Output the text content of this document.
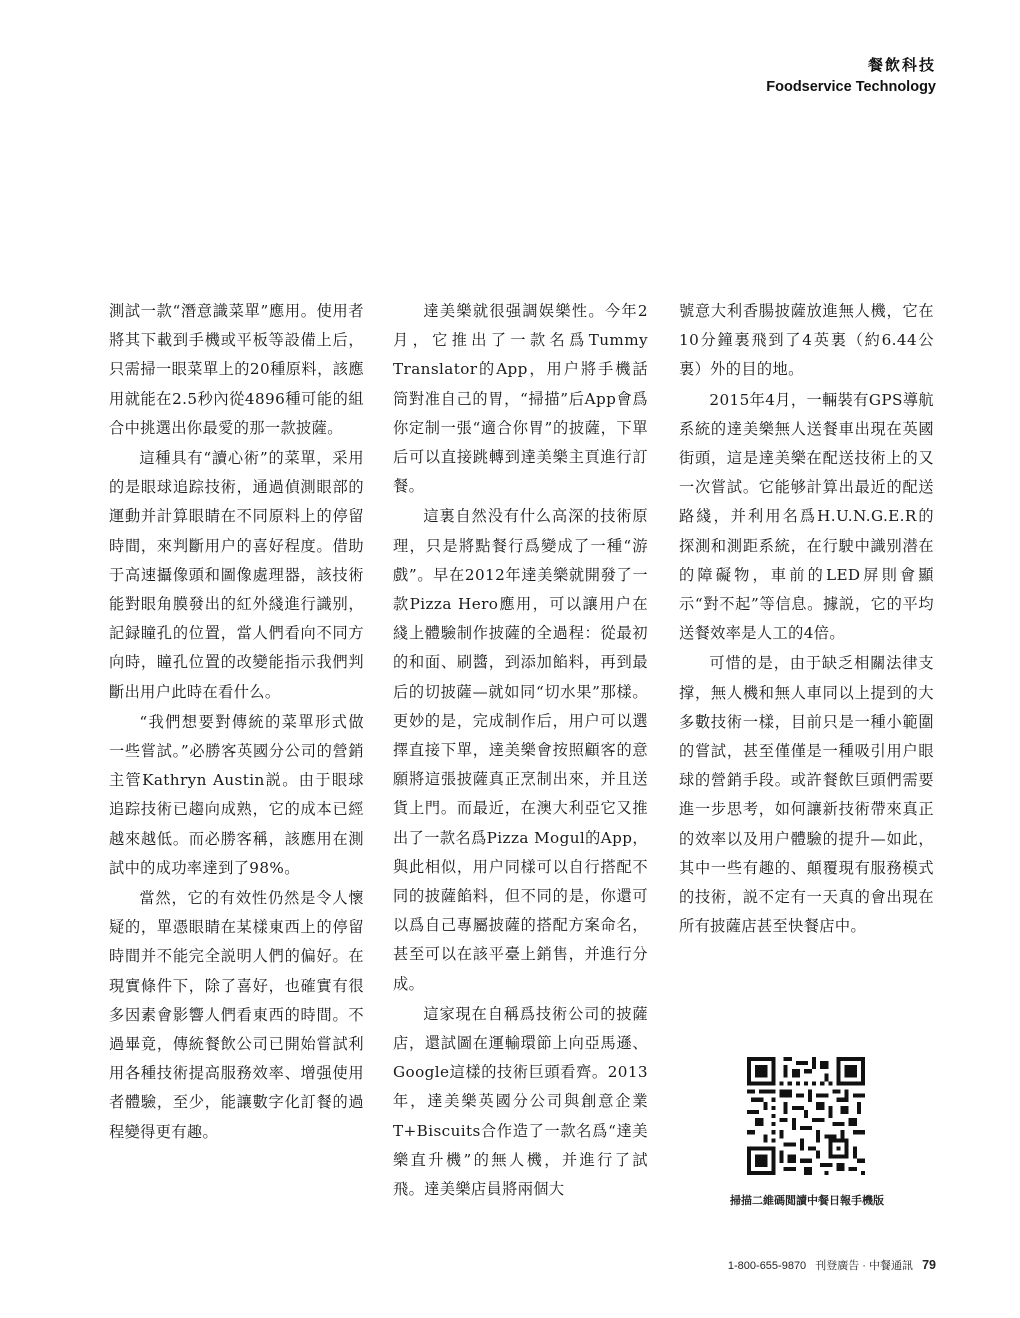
餐飲科技
Foodservice Technology

測試一款“潛意識菜單”應用。使用者將其下載到手機或平板等設備上后，只需掃一眼菜單上的20種原料，該應用就能在2.5秒內從4896種可能的組合中挑選出你最愛的那一款披薩。

這種具有“讀心術”的菜單，采用的是眼球追踪技術，通過偵測眼部的運動并計算眼睛在不同原料上的停留時間，來判斷用户的喜好程度。借助于高速攝像頭和圖像處理器，該技術能對眼角膜發出的紅外綫進行識别，記録瞳孔的位置，當人們看向不同方向時，瞳孔位置的改變能指示我們判斷出用户此時在看什么。

“我們想要對傳統的菜單形式做一些嘗試。”必勝客英國分公司的營銷主管Kathryn Austin説。由于眼球追踪技術已趨向成熟，它的成本已經越來越低。而必勝客稱，該應用在測試中的成功率達到了98%。

當然，它的有效性仍然是令人懷疑的，單憑眼睛在某樣東西上的停留時間并不能完全説明人們的偏好。在現實條件下，除了喜好，也確實有很多因素會影響人們看東西的時間。不過畢竟，傳統餐飲公司已開始嘗試利用各種技術提高服務效率、增强使用者體驗，至少，能讓數字化訂餐的過程變得更有趣。

達美樂就很强調娱樂性。今年2月，它推出了一款名爲Tummy Translator的App，用户將手機話筒對准自己的胃，“掃描”后App會爲你定制一張“適合你胃”的披薩，下單后可以直接跳轉到達美樂主頁進行訂餐。

這裏自然没有什么高深的技術原理，只是將點餐行爲變成了一種“游戲”。早在2012年達美樂就開發了一款Pizza Hero應用，可以讓用户在綫上體驗制作披薩的全過程：從最初的和面、刷醬，到添加餡料，再到最后的切披薩—就如同“切水果”那樣。更妙的是，完成制作后，用户可以選擇直接下單，達美樂會按照顧客的意願將這張披薩真正烹制出來，并且送貨上門。而最近，在澳大利亞它又推出了一款名爲Pizza Mogul的App，與此相似，用户同樣可以自行搭配不同的披薩餡料，但不同的是，你還可以爲自己專屬披薩的搭配方案命名，甚至可以在該平臺上銷售，并進行分成。

這家現在自稱爲技術公司的披薩店，還試圖在運輸環節上向亞馬遜、Google這樣的技術巨頭看齊。2013年，達美樂英國分公司與創意企業T+Biscuits合作造了一款名爲“達美樂直升機”的無人機，并進行了試飛。達美樂店員將兩個大

號意大利香腸披薩放進無人機，它在10分鐘裏飛到了4英裏（約6.44公裏）外的目的地。

2015年4月，一輛裝有GPS導航系統的達美樂無人送餐車出現在英國街頭，這是達美樂在配送技術上的又一次嘗試。它能够計算出最近的配送路綫，并利用名爲H.U.N.G.E.R的探測和測距系統，在行駛中識别潜在的障礙物，車前的LED屏則會顯示“對不起”等信息。據説，它的平均送餐效率是人工的4倍。

可惜的是，由于缺乏相關法律支撑，無人機和無人車同以上提到的大多數技術一樣，目前只是一種小範圍的嘗試，甚至僅僅是一種吸引用户眼球的營銷手段。或許餐飲巨頭們需要進一步思考，如何讓新技術帶來真正的效率以及用户體驗的提升—如此，其中一些有趣的、顛覆現有服務模式的技術，説不定有一天真的會出現在所有披薩店甚至快餐店中。

掃描二維碼閲讀中餐日報手機版
1-800-655-9870 刊登廣告 · 中餐通訊 79
